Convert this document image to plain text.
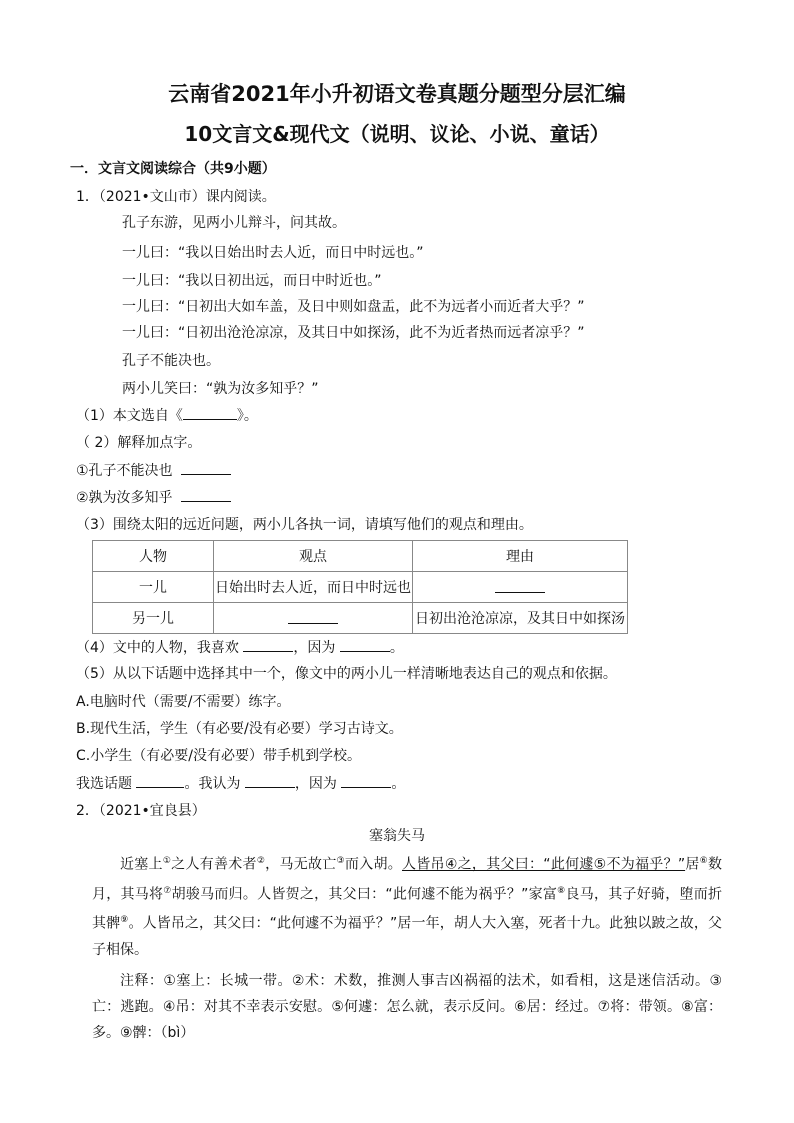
云南省2021年小升初语文卷真题分题型分层汇编
10文言文&现代文（说明、议论、小说、童话）
一．文言文阅读综合（共9小题）
1．（2021•文山市）课内阅读。
孔子东游，见两小儿辩斗，问其故。
一儿曰：“我以日始出时去人近，而日中时远也。”
一儿曰：“我以日初出远，而日中时近也。”
一儿曰：“日初出大如车盖，及日中则如盘盂，此不为远者小而近者大乎？”
一儿曰：“日初出沧沧凉凉，及其日中如探汤，此不为近者热而远者凉乎？”
孔子不能决也。
两小儿笑曰：“孰为汝多知乎？”
（1）本文选自《	》。
（ 2）解释加点字。
①孔子不能决也
②孰为汝多知乎
（3）围绕太阳的远近问题，两小儿各执一词，请填写他们的观点和理由。
人物	观点	理由
一儿	日始出时去人近，而日中时远也	
另一儿		日初出沧沧凉凉，及其日中如探汤
（4）文中的人物，我喜欢	，因为	。
（5）从以下话题中选择其中一个，像文中的两小儿一样清晰地表达自己的观点和依据。
A.电脑时代（需要/不需要）练字。
B.现代生活，学生（有必要/没有必要）学习古诗文。
C.小学生（有必要/没有必要）带手机到学校。
我选话题	。我认为	，因为	。
2．（2021•宜良县）
塞翁失马
近塞上①之人有善术者②，马无故亡③而入胡。人皆吊④之，其父曰：“此何遽⑤不为福乎？”居⑥数月，其马将⑦胡骏马而归。人皆贺之，其父曰：“此何遽不能为祸乎？”家富⑧良马，其子好骑，堕而折其髀⑨。人皆吊之，其父曰：“此何遽不为福乎？”居一年，胡人大入塞，死者十九。此独以跛之故，父子相保。
注释：①塞上：长城一带。②术：术数，推测人事吉凶祸福的法术，如看相，这是迷信活动。③亡：逃跑。④吊：对其不幸表示安慰。⑤何遽：怎么就，表示反问。⑥居：经过。⑦将：带领。⑧富：多。⑨髀：（bì）
